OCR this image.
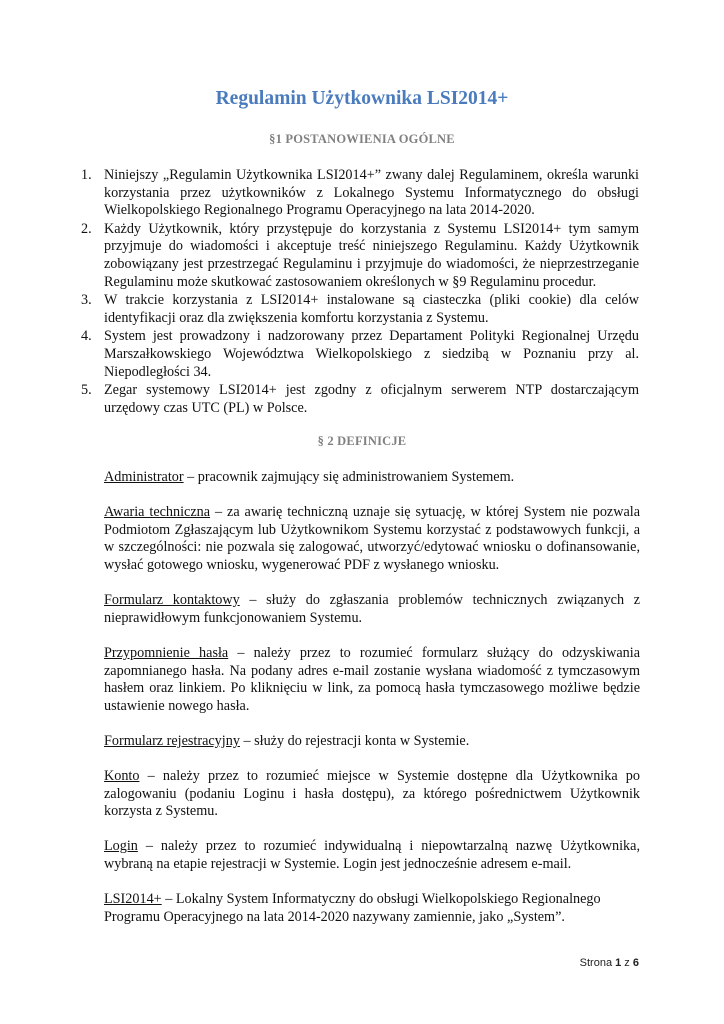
Regulamin Użytkownika LSI2014+
§1 POSTANOWIENIA OGÓLNE
1. Niniejszy „Regulamin Użytkownika LSI2014+” zwany dalej Regulaminem, określa warunki korzystania przez użytkowników z Lokalnego Systemu Informatycznego do obsługi Wielkopolskiego Regionalnego Programu Operacyjnego na lata 2014-2020.
2. Każdy Użytkownik, który przystępuje do korzystania z Systemu LSI2014+ tym samym przyjmuje do wiadomości i akceptuje treść niniejszego Regulaminu. Każdy Użytkownik zobowiązany jest przestrzegać Regulaminu i przyjmuje do wiadomości, że nieprzestrzeganie Regulaminu może skutkować zastosowaniem określonych w §9 Regulaminu procedur.
3. W trakcie korzystania z LSI2014+ instalowane są ciasteczka (pliki cookie) dla celów identyfikacji oraz dla zwiększenia komfortu korzystania z Systemu.
4. System jest prowadzony i nadzorowany przez Departament Polityki Regionalnej Urzędu Marszałkowskiego Województwa Wielkopolskiego z siedzibą w Poznaniu przy al. Niepodległości 34.
5. Zegar systemowy LSI2014+ jest zgodny z oficjalnym serwerem NTP dostarczającym urzędowy czas UTC (PL) w Polsce.
§ 2 DEFINICJE

Administrator – pracownik zajmujący się administrowaniem Systemem.

Awaria techniczna – za awarię techniczną uznaje się sytuację, w której System nie pozwala Podmiotom Zgłaszającym lub Użytkownikom Systemu korzystać z podstawowych funkcji, a w szczególności: nie pozwala się zalogować, utworzyć/edytować wniosku o dofinansowanie, wysłać gotowego wniosku, wygenerować PDF z wysłanego wniosku.

Formularz kontaktowy – służy do zgłaszania problemów technicznych związanych z nieprawidłowym funkcjonowaniem Systemu.

Przypomnienie hasła – należy przez to rozumieć formularz służący do odzyskiwania zapomnianego hasła. Na podany adres e-mail zostanie wysłana wiadomość z tymczasowym hasłem oraz linkiem. Po kliknięciu w link, za pomocą hasła tymczasowego możliwe będzie ustawienie nowego hasła.

Formularz rejestracyjny – służy do rejestracji konta w Systemie.

Konto – należy przez to rozumieć miejsce w Systemie dostępne dla Użytkownika po zalogowaniu (podaniu Loginu i hasła dostępu), za którego pośrednictwem Użytkownik korzysta z Systemu.

Login – należy przez to rozumieć indywidualną i niepowtarzalną nazwę Użytkownika, wybraną na etapie rejestracji w Systemie. Login jest jednocześnie adresem e-mail.

LSI2014+ – Lokalny System Informatyczny do obsługi Wielkopolskiego Regionalnego Programu Operacyjnego na lata 2014-2020 nazywany zamiennie, jako „System”.

Strona 1 z 6
